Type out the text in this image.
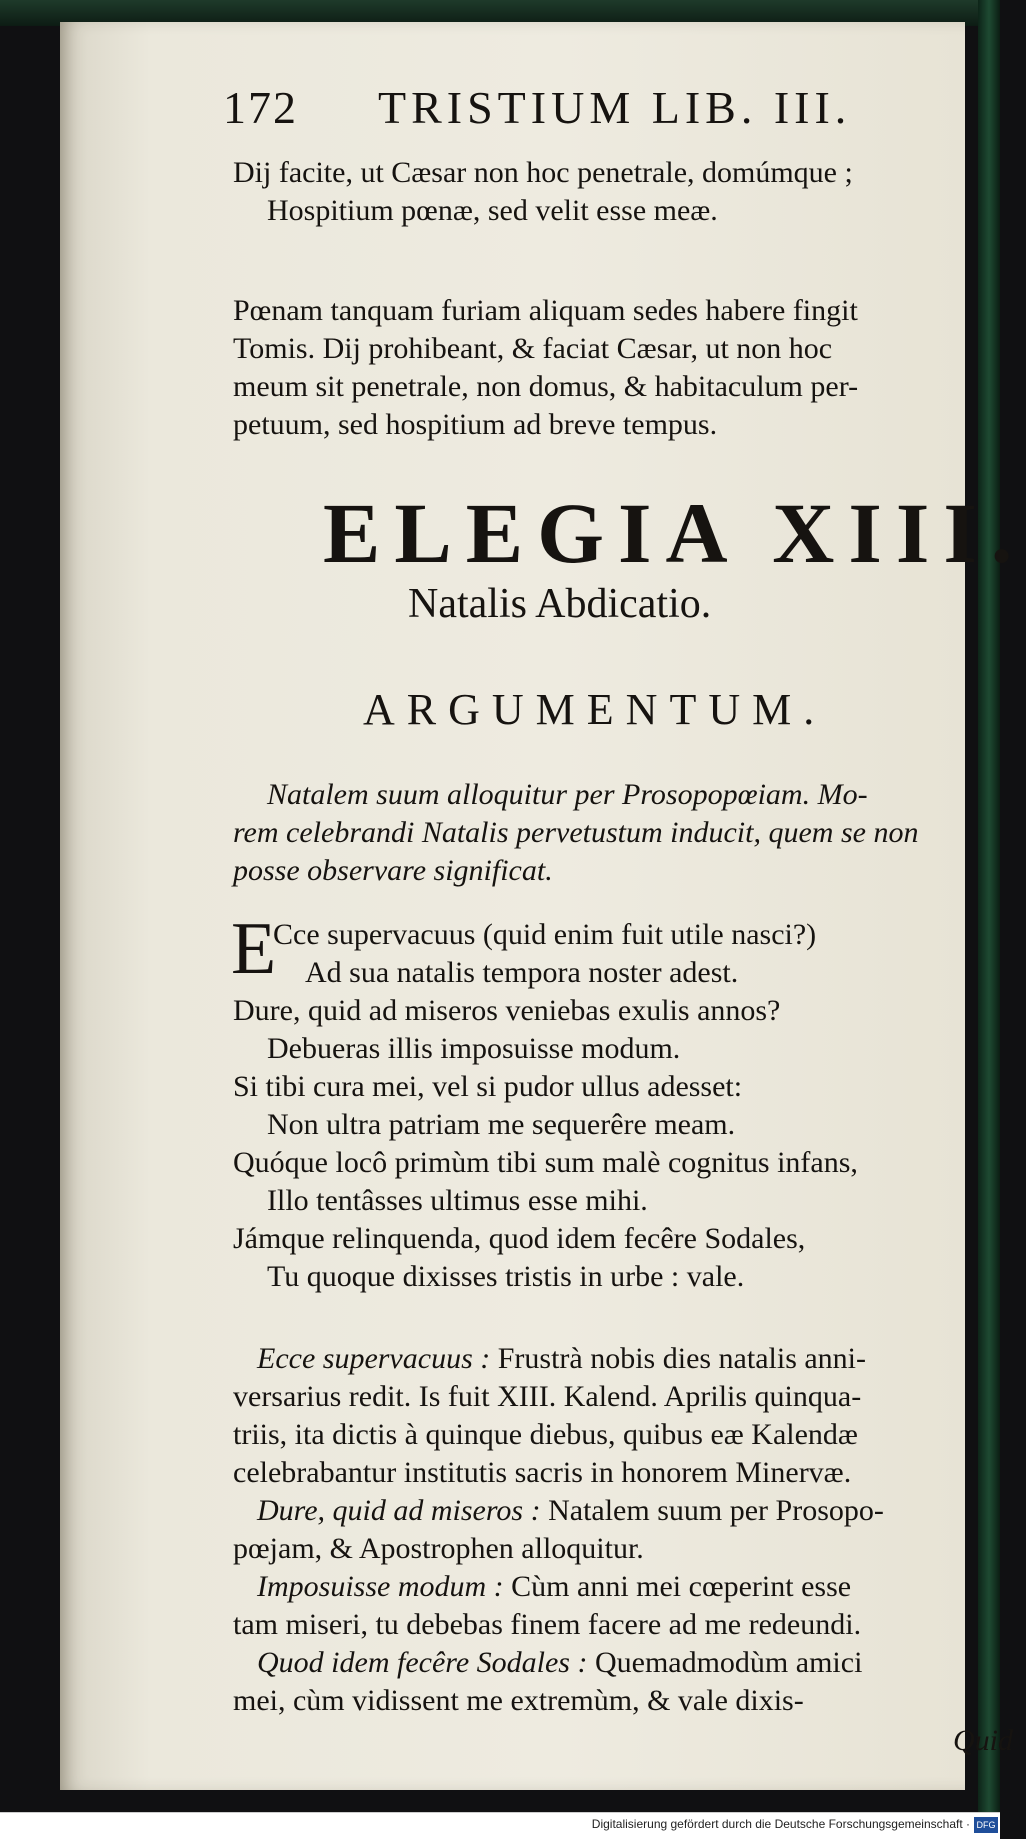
172 TRISTIUM LIB. III.
Dij facite, ut Cæsar non hoc penetrale, domúmque ;
Hospitium pœnæ, sed velit esse meæ.
Pœnam tanquam furiam aliquam sedes habere fingit
Tomis. Dij prohibeant, & faciat Cæsar, ut non hoc
meum sit penetrale, non domus, & habitaculum per-
petuum, sed hospitium ad breve tempus.
ELEGIA XIII.
Natalis Abdicatio.
ARGUMENTUM.
Natalem suum alloquitur per Prosopopœiam. Mo-
rem celebrandi Natalis pervetustum inducit, quem se non
posse observare significat.
E
Cce supervacuus (quid enim fuit utile nasci?)
Ad sua natalis tempora noster adest.
Dure, quid ad miseros veniebas exulis annos?
Debueras illis imposuisse modum.
Si tibi cura mei, vel si pudor ullus adesset:
Non ultra patriam me sequerêre meam.
Quóque locô primùm tibi sum malè cognitus infans,
Illo tentâsses ultimus esse mihi.
Jámque relinquenda, quod idem fecêre Sodales,
Tu quoque dixisses tristis in urbe : vale.
Ecce supervacuus : Frustrà nobis dies natalis anni-
versarius redit. Is fuit XIII. Kalend. Aprilis quinqua-
triis, ita dictis à quinque diebus, quibus eæ Kalendæ
celebrabantur institutis sacris in honorem Minervæ.
Dure, quid ad miseros : Natalem suum per Prosopo-
pœjam, & Apostrophen alloquitur.
Imposuisse modum : Cùm anni mei cœperint esse
tam miseri, tu debebas finem facere ad me redeundi.
Quod idem fecêre Sodales : Quemadmodùm amici
mei, cùm vidissent me extremùm, & vale dixis-
Quid
Digitalisierung gefördert durch die Deutsche Forschungsgemeinschaft · DFG
